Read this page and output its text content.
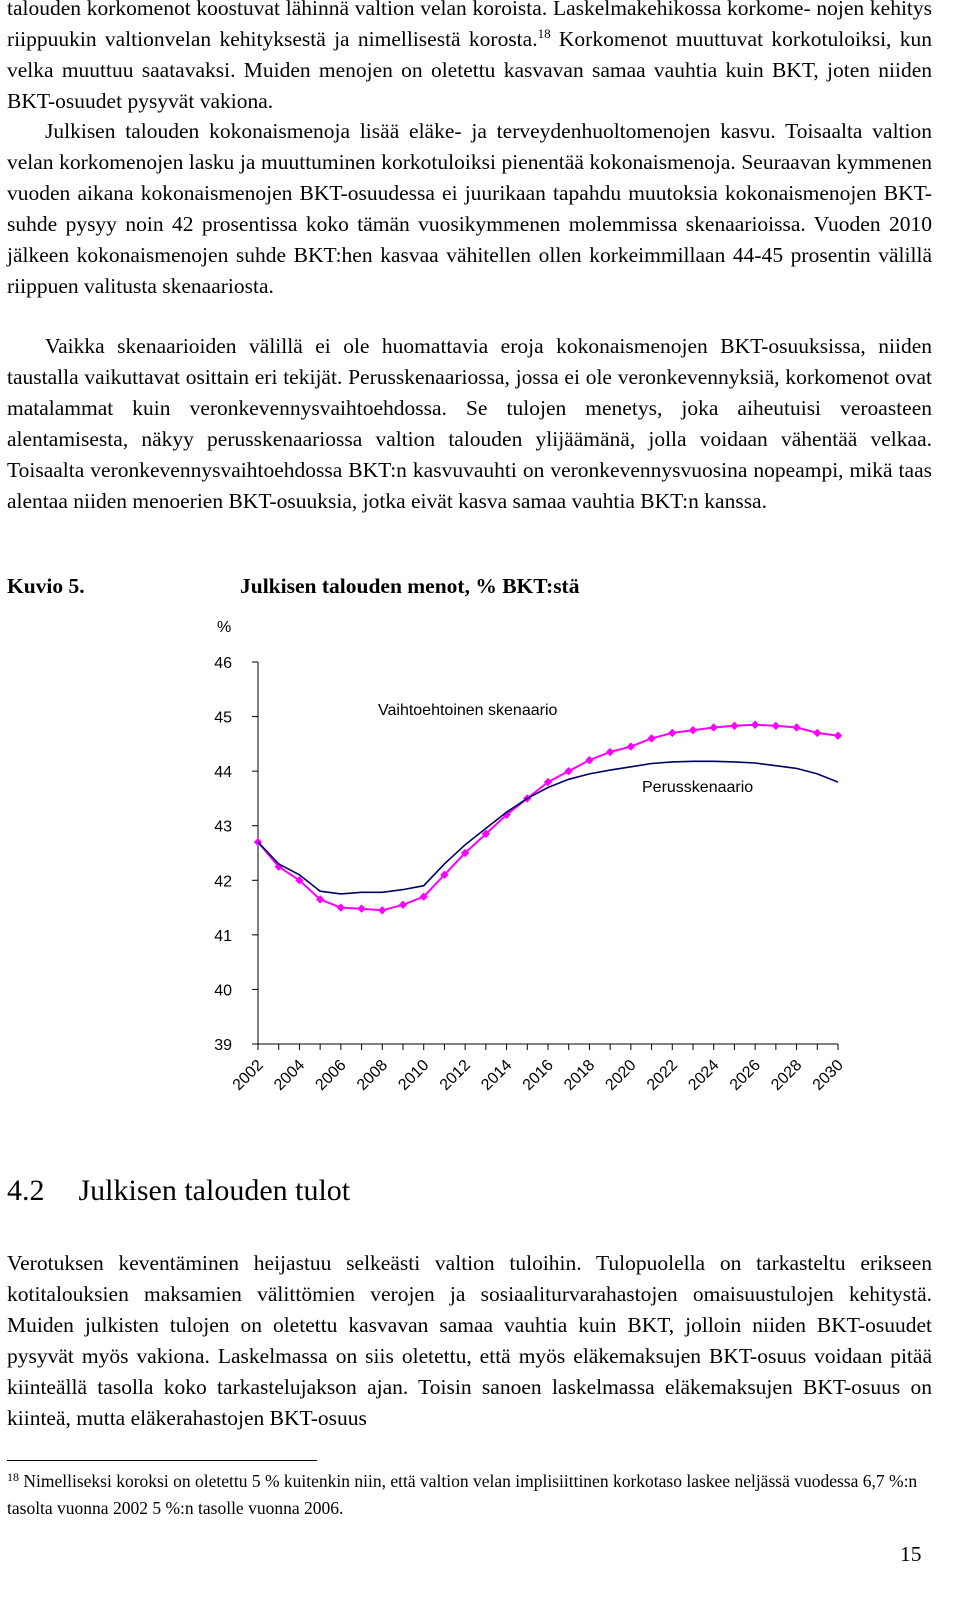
talouden korkomenot koostuvat lähinnä valtion velan koroista. Laskelmakehikossa korkome- nojen kehitys riippuukin valtionvelan kehityksestä ja nimellisestä korosta.$^{18}$ Korkomenot muuttuvat korkotuloiksi, kun velka muuttuu saatavaksi. Muiden menojen on oletettu kasvavan samaa vauhtia kuin BKT, joten niiden BKT-osuudet pysyvät vakiona.

Julkisen talouden kokonaismenoja lisää eläke- ja terveydenhuoltomenojen kasvu. Toisaalta valtion velan korkomenojen lasku ja muuttuminen korkotuloiksi pienentää kokonaismenoja. Seuraavan kymmenen vuoden aikana kokonaismenojen BKT-osuudessa ei juurikaan tapahdu muutoksia kokonaismenojen BKT- suhde pysyy noin 42 prosentissa koko tämän vuosikymmenen molemmissa skenaarioissa. Vuoden 2010 jälkeen kokonaismenojen suhde BKT:hen kasvaa vähitellen ollen korkeimmillaan 44-45 prosentin välillä riippuen valitusta skenaariosta.

Vaikka skenaarioiden välillä ei ole huomattavia eroja kokonaismenojen BKT-osuuksissa, niiden taustalla vaikuttavat osittain eri tekijät. Perusskenaariossa, jossa ei ole veronkevennyksiä, korkomenot ovat matalammat kuin veronkevennysvaihtoehdossa. Se tulojen menetys, joka aiheutuisi veroasteen alentamisesta, näkyy perusskenaariossa valtion talouden ylijäämänä, jolla voidaan vähentää velkaa. Toisaalta veronkevennysvaihtoehdossa BKT:n kasvuvauhti on veronkevennysvuosina nopeampi, mikä taas alentaa niiden menoerien BKT-osuuksia, jotka eivät kasva samaa vauhtia BKT:n kanssa.

Kuvio 5.	Julkisen talouden menot, % BKT:stä
%
39
40
41
42
43
44
45
46
2002 2004 2006 2008 2010 2012 2014 2016 2018 2020 2022 2024 2026 2028 2030
Vaihtoehtoinen skenaario
Perusskenaario
4.2 Julkisen talouden tulot

Verotuksen keventäminen heijastuu selkeästi valtion tuloihin. Tulopuolella on tarkasteltu erikseen kotitalouksien maksamien välittömien verojen ja sosiaaliturvarahastojen omaisuustulojen kehitystä. Muiden julkisten tulojen on oletettu kasvavan samaa vauhtia kuin BKT, jolloin niiden BKT-osuudet pysyvät myös vakiona. Laskelmassa on siis oletettu, että myös eläkemaksujen BKT-osuus voidaan pitää kiinteällä tasolla koko tarkastelujakson ajan. Toisin sanoen laskelmassa eläkemaksujen BKT-osuus on kiinteä, mutta eläkerahastojen BKT-osuus

$^{18}$ Nimelliseksi koroksi on oletettu 5 % kuitenkin niin, että valtion velan implisiittinen korkotaso laskee neljässä vuodessa 6,7 %:n tasolta vuonna 2002 5 %:n tasolle vuonna 2006.

15
